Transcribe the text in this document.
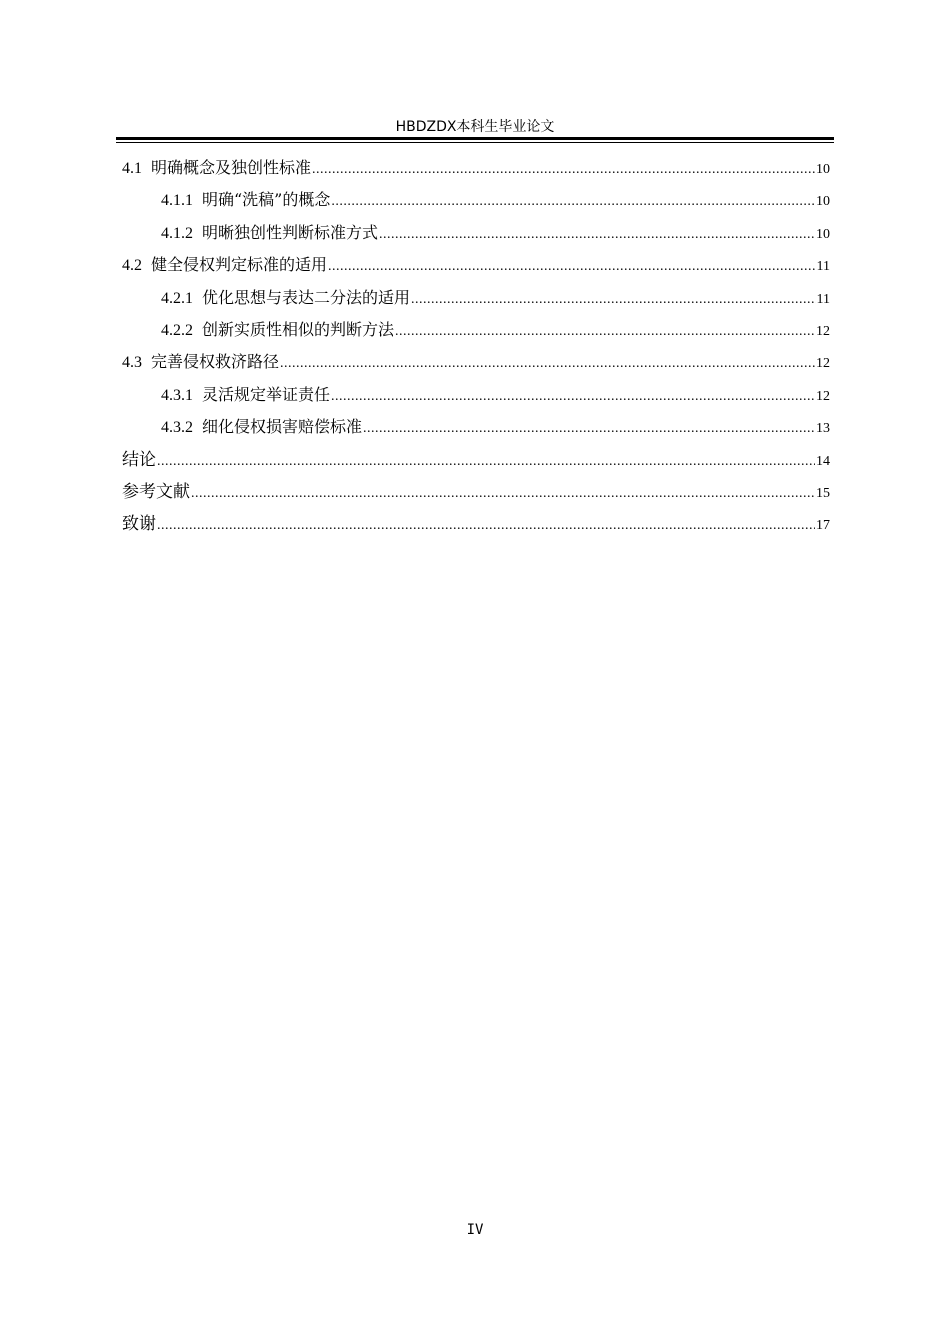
HBDZDX本科生毕业论文
4.1 明确概念及独创性标准 .....	10
4.1.1 明确“洗稿”的概念 .....	10
4.1.2 明晰独创性判断标准方式 .....	10
4.2 健全侵权判定标准的适用 .....	11
4.2.1 优化思想与表达二分法的适用 .....	11
4.2.2 创新实质性相似的判断方法 .....	12
4.3 完善侵权救济路径 .....	12
4.3.1 灵活规定举证责任 .....	12
4.3.2 细化侵权损害赔偿标准 .....	13
结论 .....	14
参考文献 .....	15
致谢 .....	17
IV
